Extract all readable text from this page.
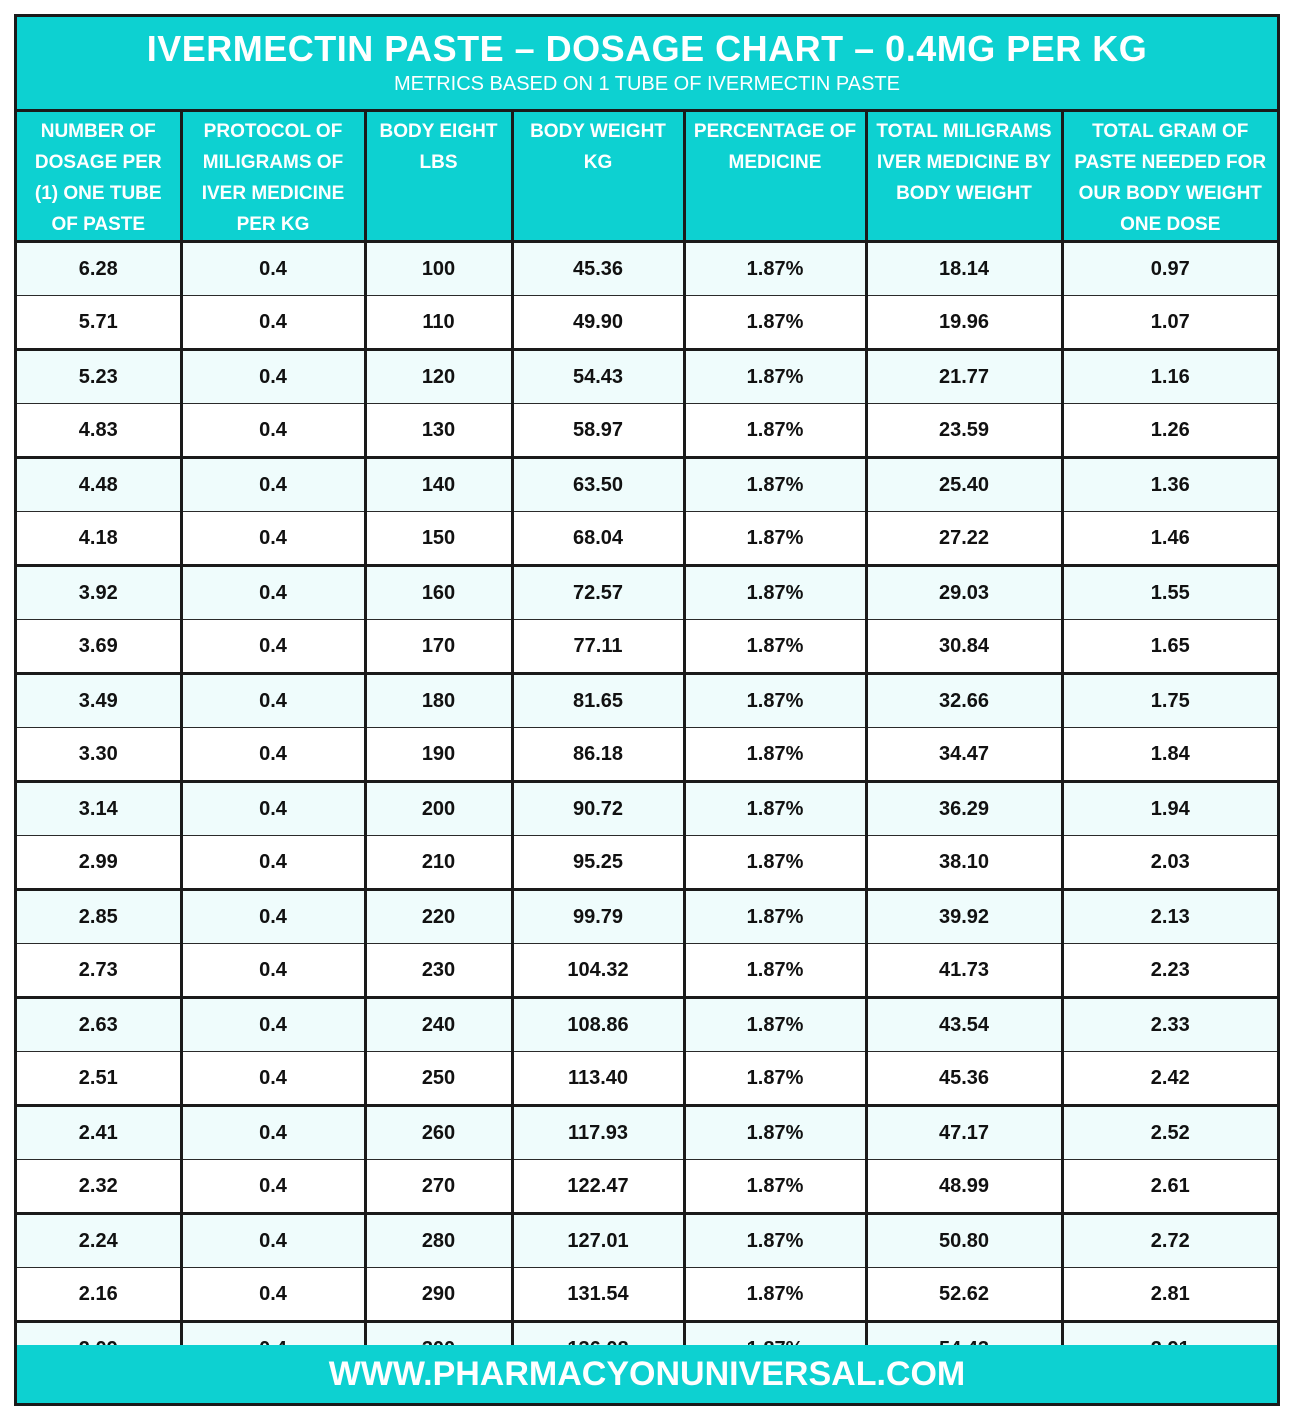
IVERMECTIN PASTE – DOSAGE CHART – 0.4MG PER KG
METRICS BASED ON 1 TUBE OF IVERMECTIN PASTE
NUMBER OF DOSAGE PER (1) ONE TUBE OF PASTE	PROTOCOL OF MILIGRAMS OF IVER MEDICINE PER KG	BODY EIGHT LBS	BODY WEIGHT KG	PERCENTAGE OF MEDICINE	TOTAL MILIGRAMS IVER MEDICINE BY BODY WEIGHT	TOTAL GRAM OF PASTE NEEDED FOR OUR BODY WEIGHT ONE DOSE
6.28	0.4	100	45.36	1.87%	18.14	0.97
5.71	0.4	110	49.90	1.87%	19.96	1.07
5.23	0.4	120	54.43	1.87%	21.77	1.16
4.83	0.4	130	58.97	1.87%	23.59	1.26
4.48	0.4	140	63.50	1.87%	25.40	1.36
4.18	0.4	150	68.04	1.87%	27.22	1.46
3.92	0.4	160	72.57	1.87%	29.03	1.55
3.69	0.4	170	77.11	1.87%	30.84	1.65
3.49	0.4	180	81.65	1.87%	32.66	1.75
3.30	0.4	190	86.18	1.87%	34.47	1.84
3.14	0.4	200	90.72	1.87%	36.29	1.94
2.99	0.4	210	95.25	1.87%	38.10	2.03
2.85	0.4	220	99.79	1.87%	39.92	2.13
2.73	0.4	230	104.32	1.87%	41.73	2.23
2.63	0.4	240	108.86	1.87%	43.54	2.33
2.51	0.4	250	113.40	1.87%	45.36	2.42
2.41	0.4	260	117.93	1.87%	47.17	2.52
2.32	0.4	270	122.47	1.87%	48.99	2.61
2.24	0.4	280	127.01	1.87%	50.80	2.72
2.16	0.4	290	131.54	1.87%	52.62	2.81

WWW.PHARMACYONUNIVERSAL.COM
